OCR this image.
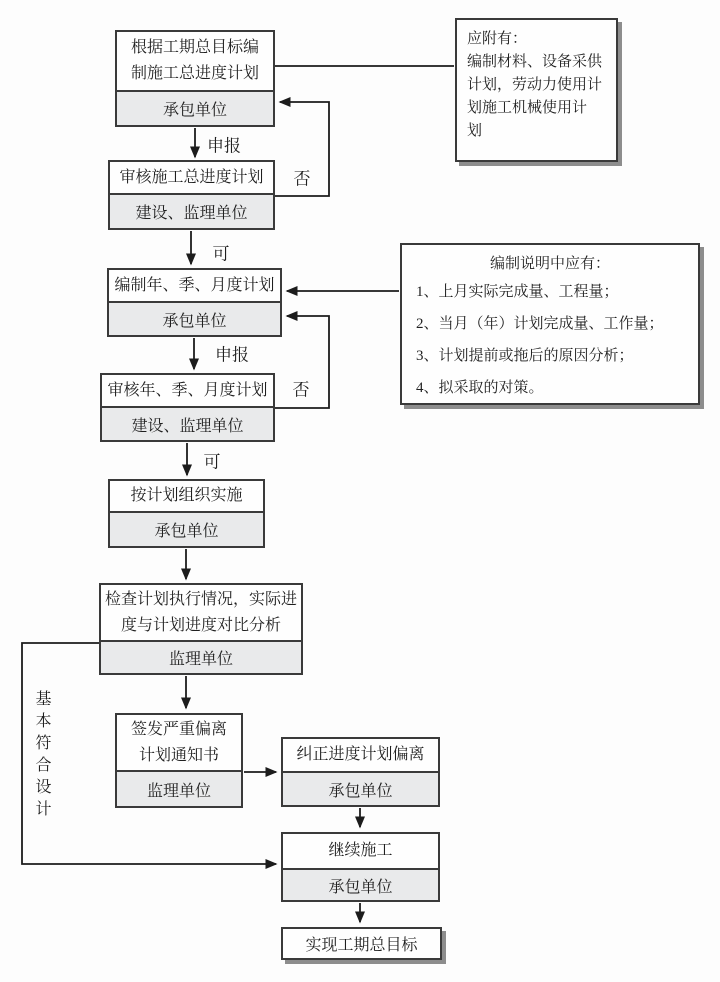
根据工期总目标编
制施工总进度计划
承包单位
应附有：
编制材料、设备采供
计划，劳动力使用计
划施工机械使用计
划
审核施工总进度计划
建设、监理单位
编制年、季、月度计划
承包单位
编制说明中应有：
1、上月实际完成量、工程量；
2、当月（年）计划完成量、工作量；
3、计划提前或拖后的原因分析；
4、拟采取的对策。
审核年、季、月度计划
建设、监理单位
按计划组织实施
承包单位
检查计划执行情况，实际进
度与计划进度对比分析
监理单位
签发严重偏离
计划通知书
监理单位
纠正进度计划偏离
承包单位
继续施工
承包单位
实现工期总目标
申报
否
可
申报
否
可
基本符合设计
